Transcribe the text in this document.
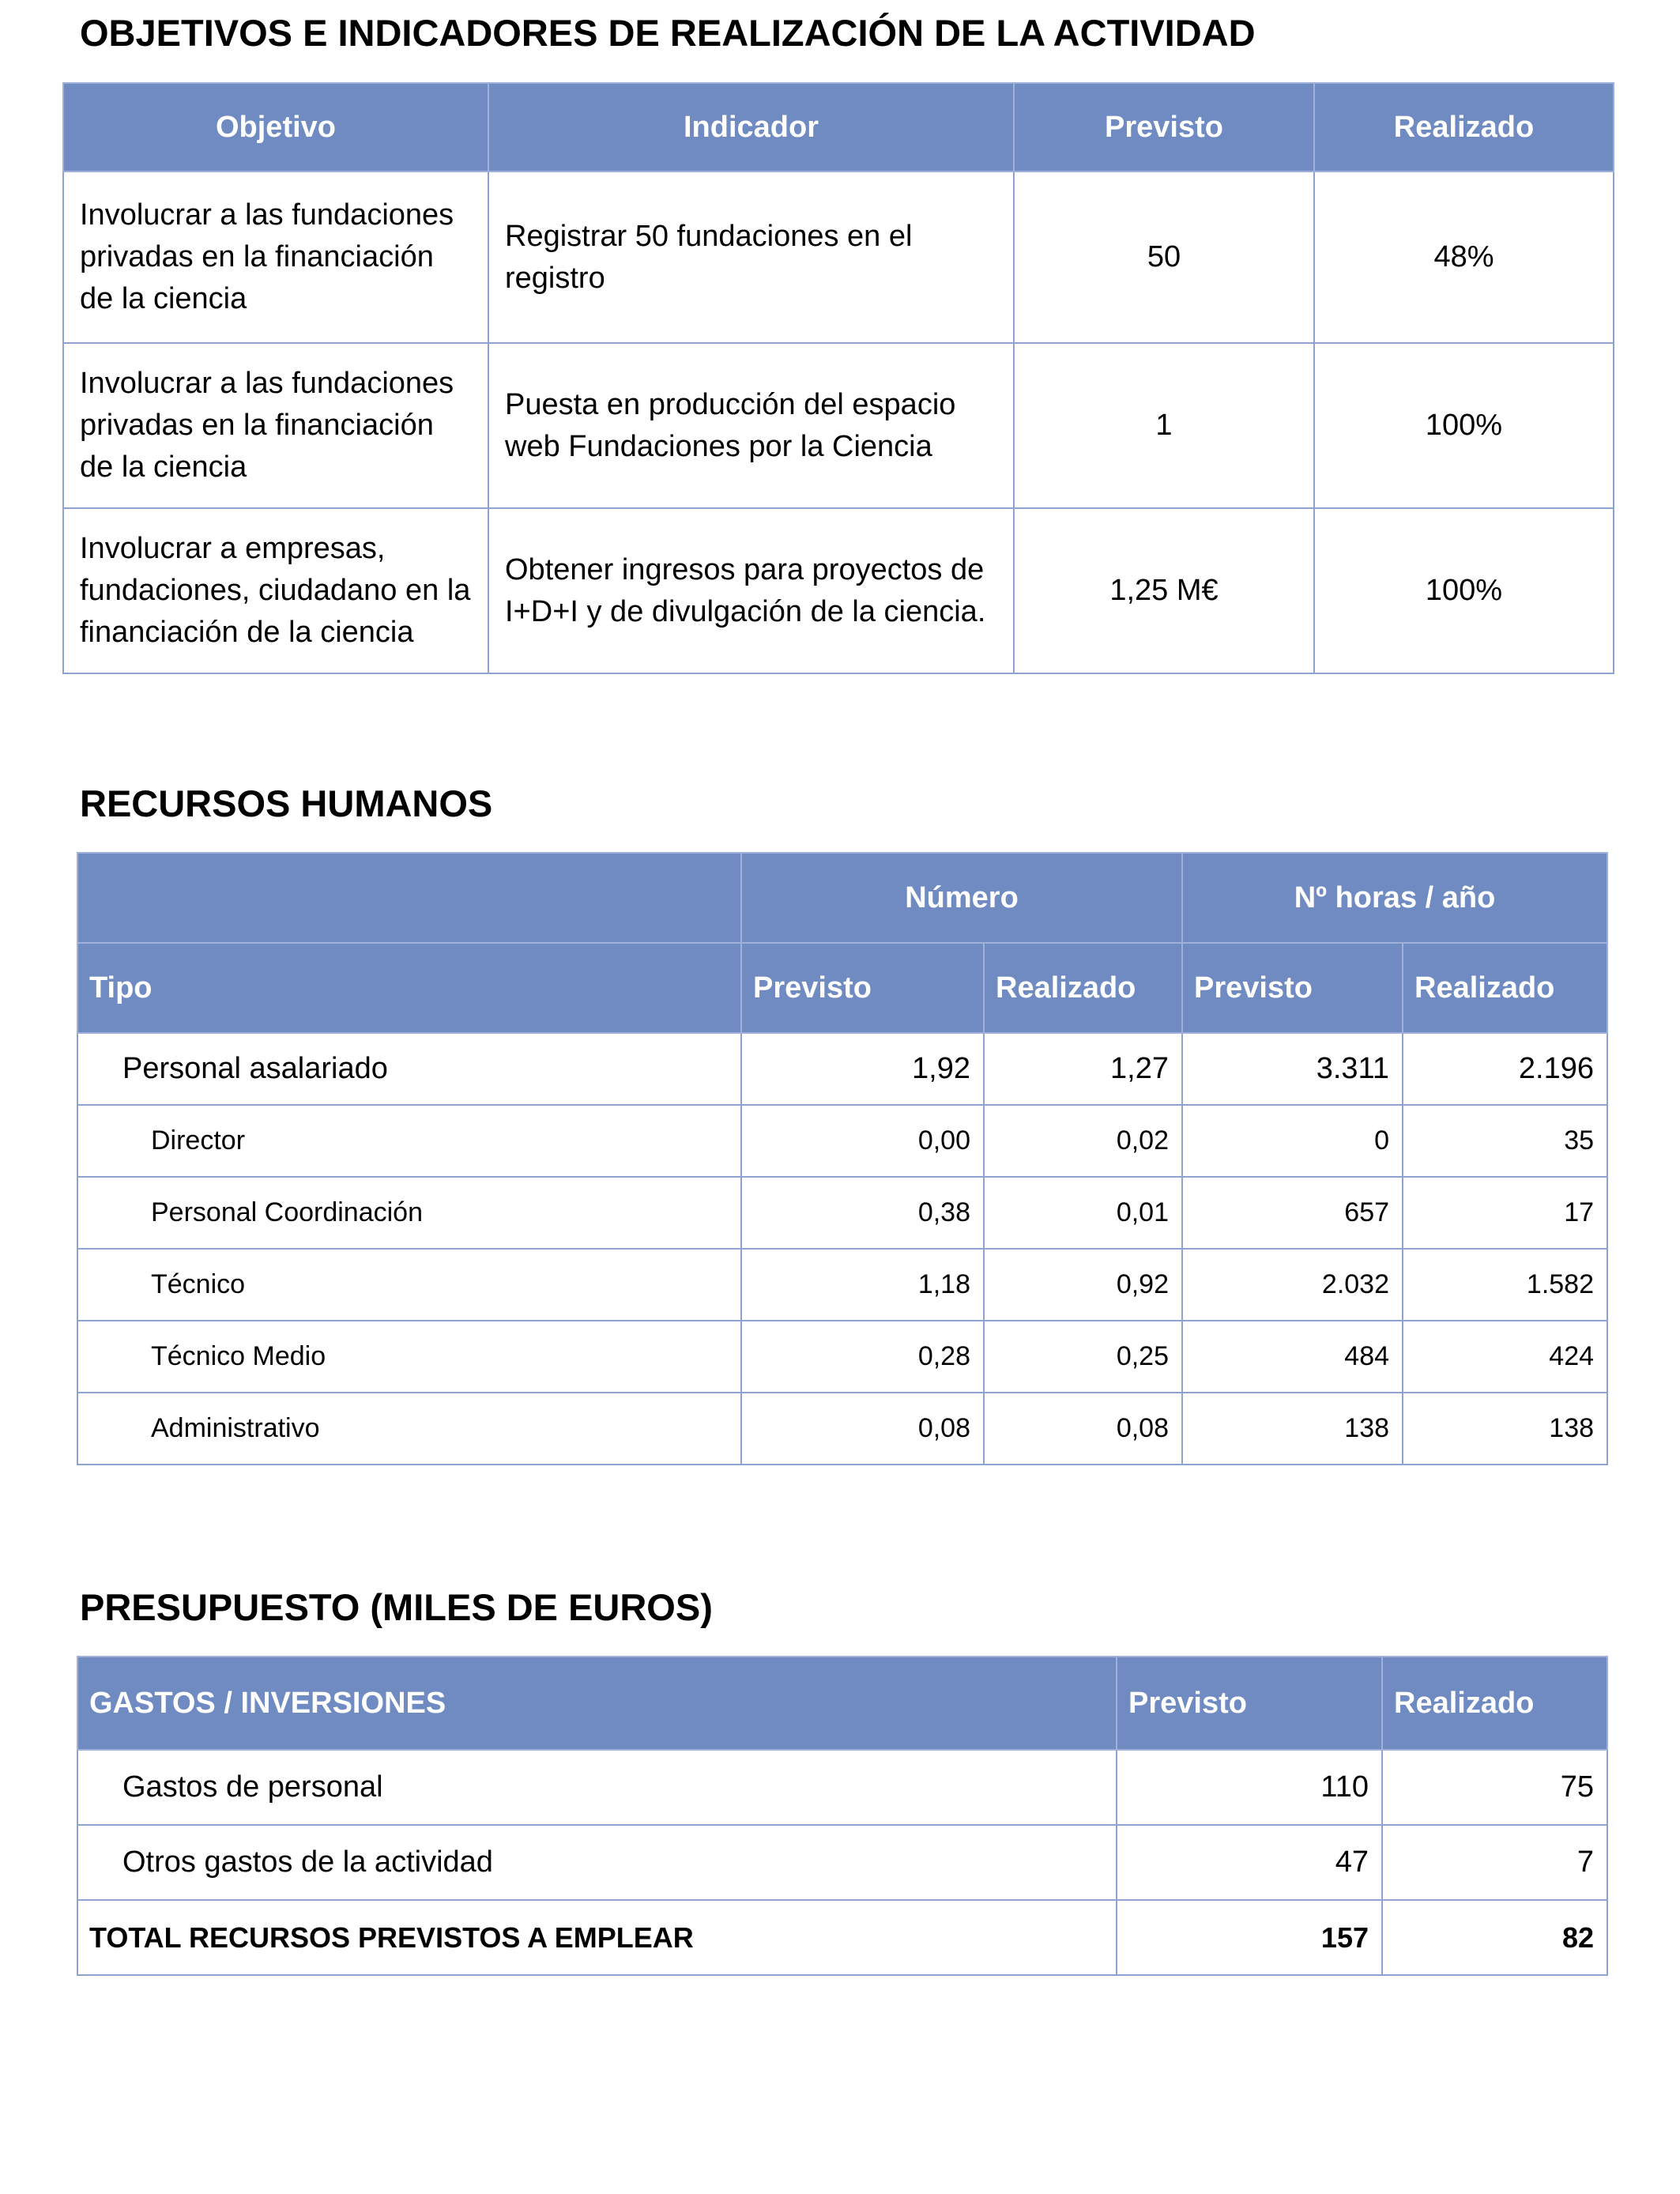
OBJETIVOS E INDICADORES DE REALIZACIÓN DE LA ACTIVIDAD
Objetivo	Indicador	Previsto	Realizado
Involucrar a las fundaciones privadas en la financiación de la ciencia	Registrar 50 fundaciones en el registro	50	48%
Involucrar a las fundaciones privadas en la financiación de la ciencia	Puesta en producción del espacio web Fundaciones por la Ciencia	1	100%
Involucrar a empresas, fundaciones, ciudadano en la financiación de la ciencia	Obtener ingresos para proyectos de I+D+I y de divulgación de la ciencia.	1,25 M€	100%
RECURSOS HUMANOS
	Número		Nº horas / año	
Tipo	Previsto	Realizado	Previsto	Realizado
Personal asalariado	1,92	1,27	3.311	2.196
Director	0,00	0,02	0	35
Personal Coordinación	0,38	0,01	657	17
Técnico	1,18	0,92	2.032	1.582
Técnico Medio	0,28	0,25	484	424
Administrativo	0,08	0,08	138	138
PRESUPUESTO (MILES DE EUROS)
GASTOS / INVERSIONES	Previsto	Realizado
Gastos de personal	110	75
Otros gastos de la actividad	47	7
TOTAL RECURSOS PREVISTOS A EMPLEAR	157	82
